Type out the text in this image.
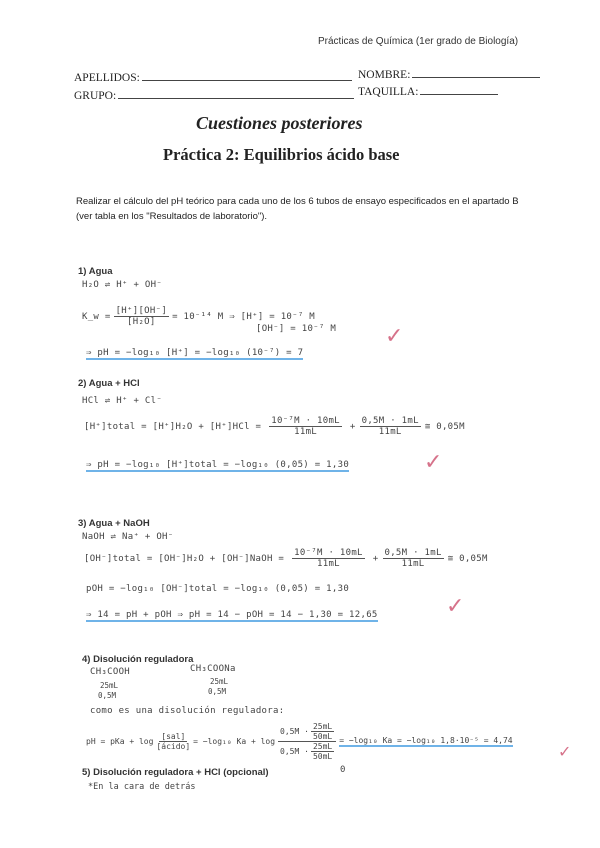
Prácticas de Química (1er grado de Biología)
APELLIDOS:	NOMBRE:
GRUPO:	TAQUILLA:
Cuestiones posteriores
Práctica 2: Equilibrios ácido base
Realizar el cálculo del pH teórico para cada uno de los 6 tubos de ensayo especificados en el apartado B (ver tabla en los "Resultados de laboratorio").
1) Agua
H₂O ⇌ H⁺ + OH⁻
K_w = $\frac{[H^+][OH^-]}{\text{[H₂O]}} = 10^{-14}$ M ⇒ [H⁺] = 10⁻⁷ M
[OH⁻] = 10⁻⁷ M
⇒ pH = −log₁₀ [H⁺] = −log₁₀ (10⁻⁷) = 7
✓
2) Agua + HCl
HCl ⇌ H⁺ + Cl⁻
[H⁺]total = $[H^+]H_2O + [H^+]HCl = \frac{\text{10⁻⁷M · 10mL}}{11mL} + \frac{0,5M \cdot 1mL}{11mL}$ ≅ 0,05M
⇒ pH = −log₁₀ [H⁺]total = −log₁₀ (0,05) = 1,30	✓
3) Agua + NaOH
NaOH ⇌ Na⁺ + OH⁻
[OH⁻]total = [OH⁻]H₂O + [OH⁻]NaOH = $\frac{\text{10⁻⁷M · 10mL}}{11mL} + \frac{0,5M \cdot 1mL}{11mL}$ ≅ 0,05M
pOH = −log₁₀ [OH⁻]total = −log₁₀ (0,05) = 1,30
⇒ 14 = pH + pOH ⇒ pH = 14 − pOH = 14 − 1,30 = 12,65	✓
4) Disolución reguladora
CH₃COOH
25mL
0,5M
CH₃COONa
25mL
0,5M
como es una disolución reguladora:
pH = pKa + $\log \frac{\text{[sal]}}{\text{[ácido]}} = -\log_{10}$ $Ka + \log \frac{0,5M \cdot \frac{25mL}{50mL}}{0,5M \cdot \frac{25mL}{50mL}} = -\log_{10}$ Ka = −log₁₀ 1,8·10⁻⁵ = 4,74
0
✓
5) Disolución reguladora + HCl (opcional)
*En la cara de detrás
